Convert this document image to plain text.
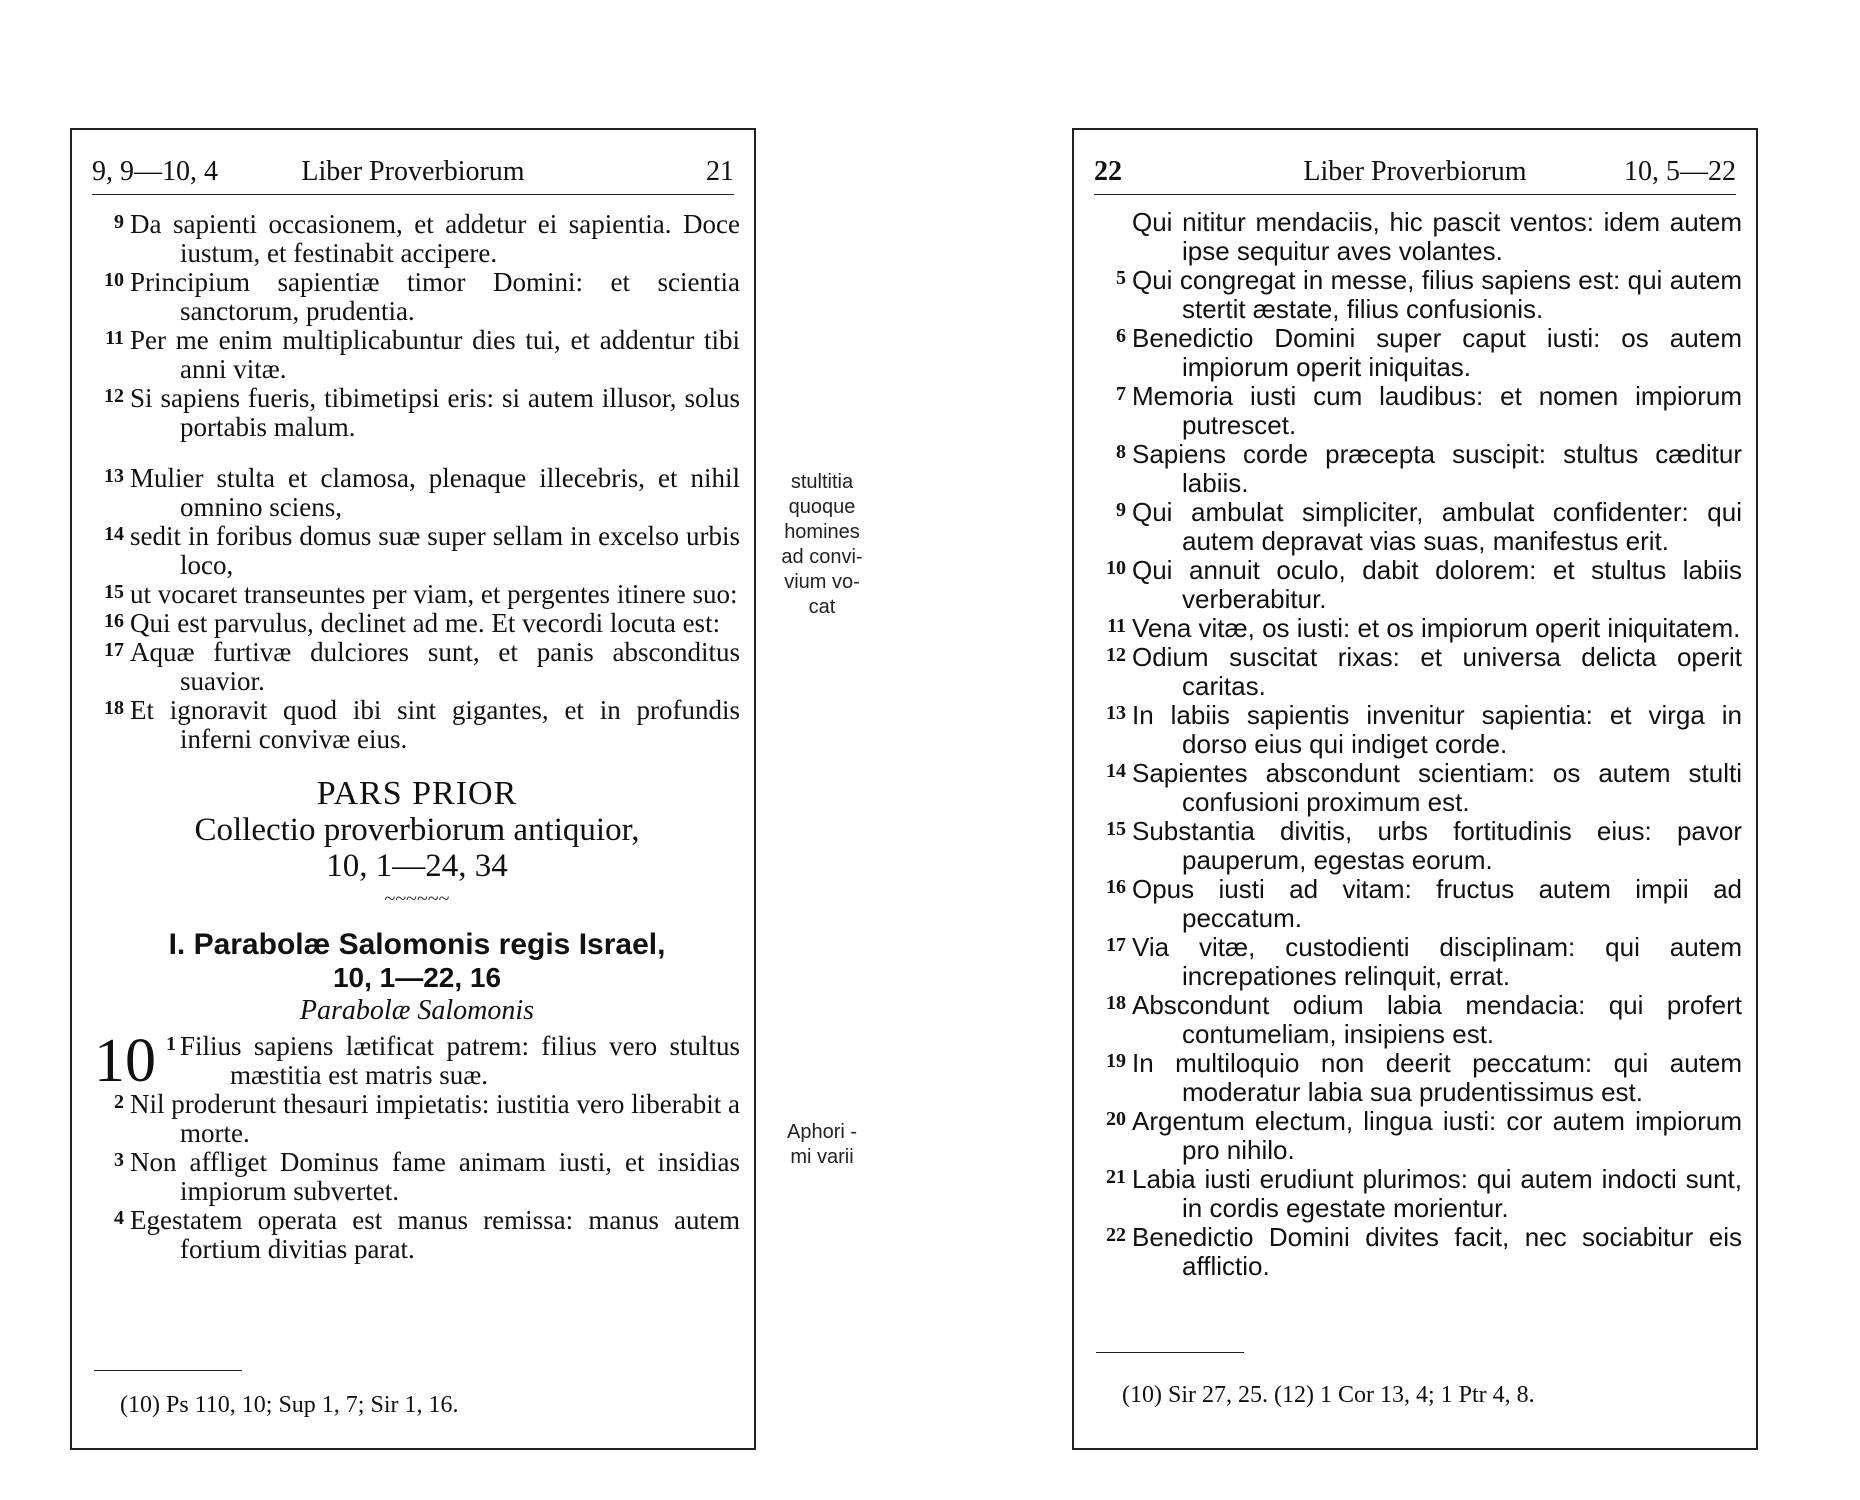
9, 9—10, 4	Liber Proverbiorum	21
9 Da sapienti occasionem, et addetur ei sapientia. Doce iustum, et festinabit accipere.
10 Principium sapientiæ timor Domini: et scientia sanctorum, prudentia.
11 Per me enim multiplicabuntur dies tui, et addentur tibi anni vitæ.
12 Si sapiens fueris, tibimetipsi eris: si autem illusor, solus portabis malum.
13 Mulier stulta et clamosa, plenaque illecebris, et nihil omnino sciens,
14 sedit in foribus domus suæ super sellam in excelso urbis loco,
15 ut vocaret transeuntes per viam, et pergentes itinere suo:
16 Qui est parvulus, declinet ad me. Et vecordi locuta est:
17 Aquæ furtivæ dulciores sunt, et panis absconditus suavior.
18 Et ignoravit quod ibi sint gigantes, et in profundis inferni convivæ eius.
PARS PRIOR
Collectio proverbiorum antiquior,
10, 1—24, 34
~~~~~~
I. Parabolæ Salomonis regis Israel,
10, 1—22, 16
Parabolæ Salomonis
10 1 Filius sapiens lætificat patrem: filius vero stultus mæstitia est matris suæ.
2 Nil proderunt thesauri impietatis: iustitia vero liberabit a morte.
3 Non affliget Dominus fame animam iusti, et insidias impiorum subvertet.
4 Egestatem operata est manus remissa: manus autem fortium divitias parat.
(10) Ps 110, 10; Sup 1, 7; Sir 1, 16.
stultitia
quoque
homines
ad convi-
vium vo-
cat
Aphori -
mi varii
22	Liber Proverbiorum	10, 5—22
Qui nititur mendaciis, hic pascit ventos: idem autem ipse sequitur aves volantes.
5 Qui congregat in messe, filius sapiens est: qui autem stertit æstate, filius confusionis.
6 Benedictio Domini super caput iusti: os autem impiorum operit iniquitas.
7 Memoria iusti cum laudibus: et nomen impiorum putrescet.
8 Sapiens corde præcepta suscipit: stultus cæditur labiis.
9 Qui ambulat simpliciter, ambulat confidenter: qui autem depravat vias suas, manifestus erit.
10 Qui annuit oculo, dabit dolorem: et stultus labiis verberabitur.
11 Vena vitæ, os iusti: et os impiorum operit iniquitatem.
12 Odium suscitat rixas: et universa delicta operit caritas.
13 In labiis sapientis invenitur sapientia: et virga in dorso eius qui indiget corde.
14 Sapientes abscondunt scientiam: os autem stulti confusioni proximum est.
15 Substantia divitis, urbs fortitudinis eius: pavor pauperum, egestas eorum.
16 Opus iusti ad vitam: fructus autem impii ad peccatum.
17 Via vitæ, custodienti disciplinam: qui autem increpationes relinquit, errat.
18 Abscondunt odium labia mendacia: qui profert contumeliam, insipiens est.
19 In multiloquio non deerit peccatum: qui autem moderatur labia sua prudentissimus est.
20 Argentum electum, lingua iusti: cor autem impiorum pro nihilo.
21 Labia iusti erudiunt plurimos: qui autem indocti sunt, in cordis egestate morientur.
22 Benedictio Domini divites facit, nec sociabitur eis afflictio.
(10) Sir 27, 25. (12) 1 Cor 13, 4; 1 Ptr 4, 8.
